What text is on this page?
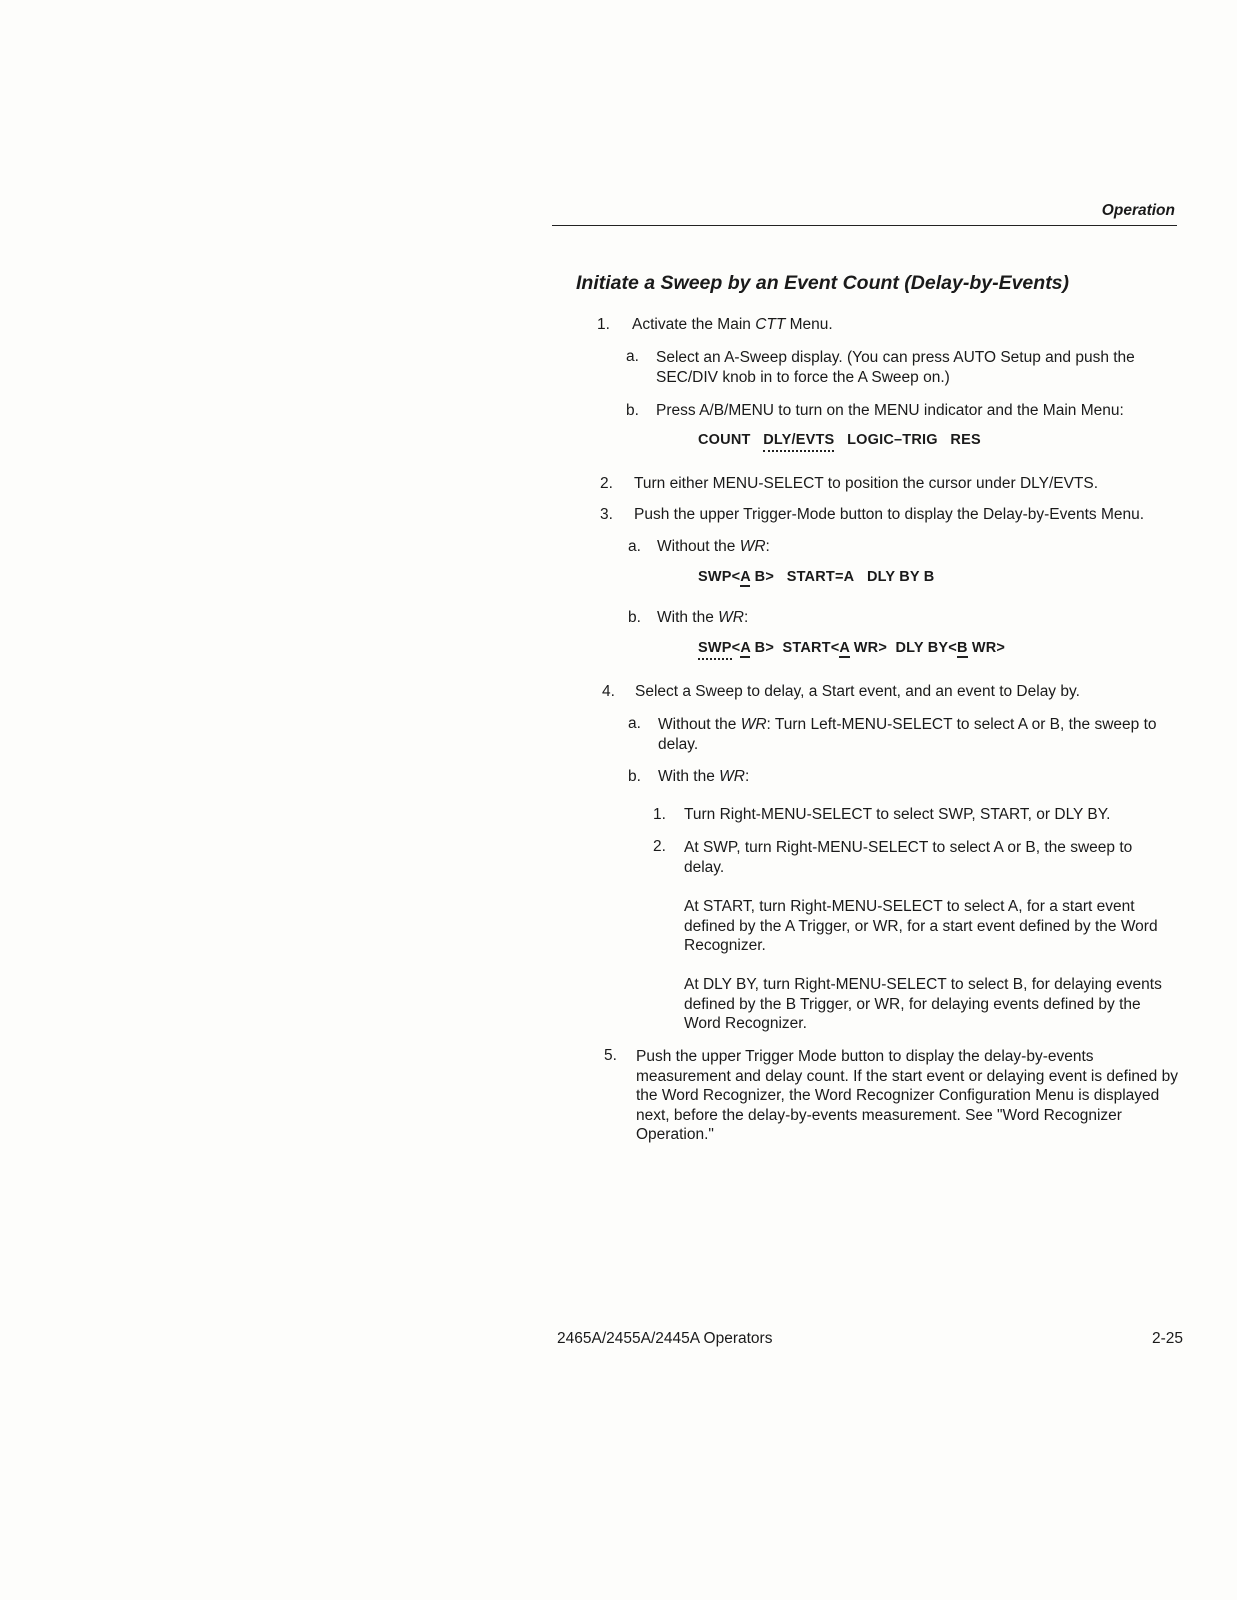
Operation
Initiate a Sweep by an Event Count (Delay-by-Events)
1. Activate the Main CTT Menu.
a. Select an A-Sweep display. (You can press AUTO Setup and push the SEC/DIV knob in to force the A Sweep on.)
b. Press A/B/MENU to turn on the MENU indicator and the Main Menu:
COUNT DLY/EVTS LOGIC–TRIG RES
2. Turn either MENU-SELECT to position the cursor under DLY/EVTS.
3. Push the upper Trigger-Mode button to display the Delay-by-Events Menu.
a. Without the WR:
SWP<A B> START=A DLY BY B
b. With the WR:
SWP<A B> START<A WR> DLY BY<B WR>
4. Select a Sweep to delay, a Start event, and an event to Delay by.
a. Without the WR: Turn Left-MENU-SELECT to select A or B, the sweep to delay.
b. With the WR:
1. Turn Right-MENU-SELECT to select SWP, START, or DLY BY.
2. At SWP, turn Right-MENU-SELECT to select A or B, the sweep to delay.
At START, turn Right-MENU-SELECT to select A, for a start event defined by the A Trigger, or WR, for a start event defined by the Word Recognizer.
At DLY BY, turn Right-MENU-SELECT to select B, for delaying events defined by the B Trigger, or WR, for delaying events defined by the Word Recognizer.
5. Push the upper Trigger Mode button to display the delay-by-events measurement and delay count. If the start event or delaying event is defined by the Word Recognizer, the Word Recognizer Configuration Menu is displayed next, before the delay-by-events measurement. See "Word Recognizer Operation."
2465A/2455A/2445A Operators	2-25
